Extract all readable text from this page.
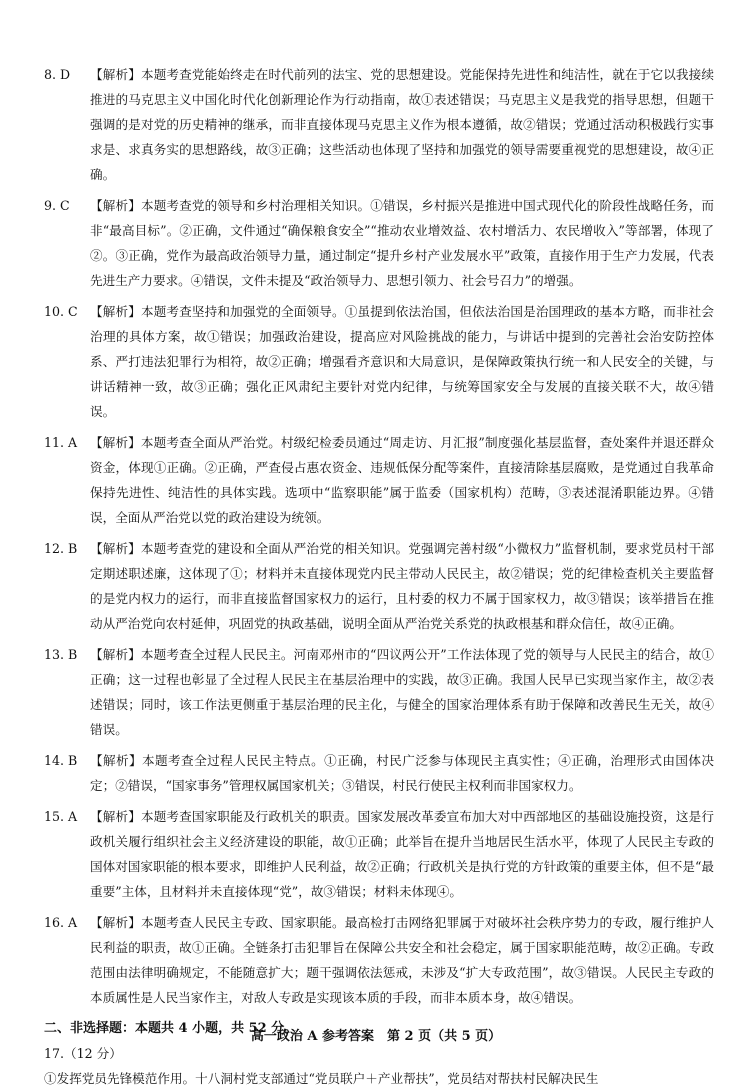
8. D	【解析】本题考查党能始终走在时代前列的法宝、党的思想建设。党能保持先进性和纯洁性，就在于它以我接续推进的马克思主义中国化时代化创新理论作为行动指南，故①表述错误；马克思主义是我党的指导思想，但题干强调的是对党的历史精神的继承，而非直接体现马克思主义作为根本遵循，故②错误；党通过活动积极践行实事求是、求真务实的思想路线，故③正确；这些活动也体现了坚持和加强党的领导需要重视党的思想建设，故④正确。
9. C	【解析】本题考查党的领导和乡村治理相关知识。①错误，乡村振兴是推进中国式现代化的阶段性战略任务，而非“最高目标”。②正确，文件通过“确保粮食安全”“推动农业增效益、农村增活力、农民增收入”等部署，体现了②。③正确，党作为最高政治领导力量，通过制定“提升乡村产业发展水平”政策，直接作用于生产力发展，代表先进生产力要求。④错误，文件未提及“政治领导力、思想引领力、社会号召力”的增强。
10. C 【解析】本题考查坚持和加强党的全面领导。①虽提到依法治国，但依法治国是治国理政的基本方略，而非社会治理的具体方案，故①错误；加强政治建设，提高应对风险挑战的能力，与讲话中提到的完善社会治安防控体系、严打违法犯罪行为相符，故②正确；增强看齐意识和大局意识，是保障政策执行统一和人民安全的关键，与讲话精神一致，故③正确；强化正风肃纪主要针对党内纪律，与统筹国家安全与发展的直接关联不大，故④错误。
11. A	【解析】本题考查全面从严治党。村级纪检委员通过“周走访、月汇报”制度强化基层监督，查处案件并退还群众资金，体现①正确。②正确，严查侵占惠农资金、违规低保分配等案件，直接清除基层腐败，是党通过自我革命保持先进性、纯洁性的具体实践。选项中“监察职能”属于监委（国家机构）范畴，③表述混淆职能边界。④错误，全面从严治党以党的政治建设为统领。
12. B	【解析】本题考查党的建设和全面从严治党的相关知识。党强调完善村级“小微权力”监督机制，要求党员村干部定期述职述廉，这体现了①；材料并未直接体现党内民主带动人民民主，故②错误；党的纪律检查机关主要监督的是党内权力的运行，而非直接监督国家权力的运行，且村委的权力不属于国家权力，故③错误；该举措旨在推动从严治党向农村延伸，巩固党的执政基础，说明全面从严治党关系党的执政根基和群众信任，故④正确。
13. B	【解析】本题考查全过程人民民主。河南邓州市的“四议两公开”工作法体现了党的领导与人民民主的结合，故①正确；这一过程也彰显了全过程人民民主在基层治理中的实践，故③正确。我国人民早已实现当家作主，故②表述错误；同时，该工作法更侧重于基层治理的民主化，与健全的国家治理体系有助于保障和改善民生无关，故④错误。
14. B	【解析】本题考查全过程人民民主特点。①正确，村民广泛参与体现民主真实性；④正确，治理形式由国体决定；②错误，“国家事务”管理权属国家机关；③错误，村民行使民主权利而非国家权力。
15. A	【解析】本题考查国家职能及行政机关的职责。国家发展改革委宣布加大对中西部地区的基础设施投资，这是行政机关履行组织社会主义经济建设的职能，故①正确；此举旨在提升当地居民生活水平，体现了人民民主专政的国体对国家职能的根本要求，即维护人民利益，故②正确；行政机关是执行党的方针政策的重要主体，但不是“最重要”主体，且材料并未直接体现“党”，故③错误；材料未体现④。
16. A	【解析】本题考查人民民主专政、国家职能。最高检打击网络犯罪属于对破坏社会秩序势力的专政，履行维护人民利益的职责，故①正确。全链条打击犯罪旨在保障公共安全和社会稳定，属于国家职能范畴，故②正确。专政范围由法律明确规定，不能随意扩大；题干强调依法惩戒，未涉及“扩大专政范围”，故③错误。人民民主专政的本质属性是人民当家作主，对敌人专政是实现该本质的手段，而非本质本身，故④错误。
二、非选择题：本题共 4 小题，共 52 分。
17.（12 分）
①发挥党员先锋模范作用。十八洞村党支部通过“党员联户＋产业帮扶”，党员结对帮扶村民解决民生
高一政治 A 参考答案　第 2 页（共 5 页）
